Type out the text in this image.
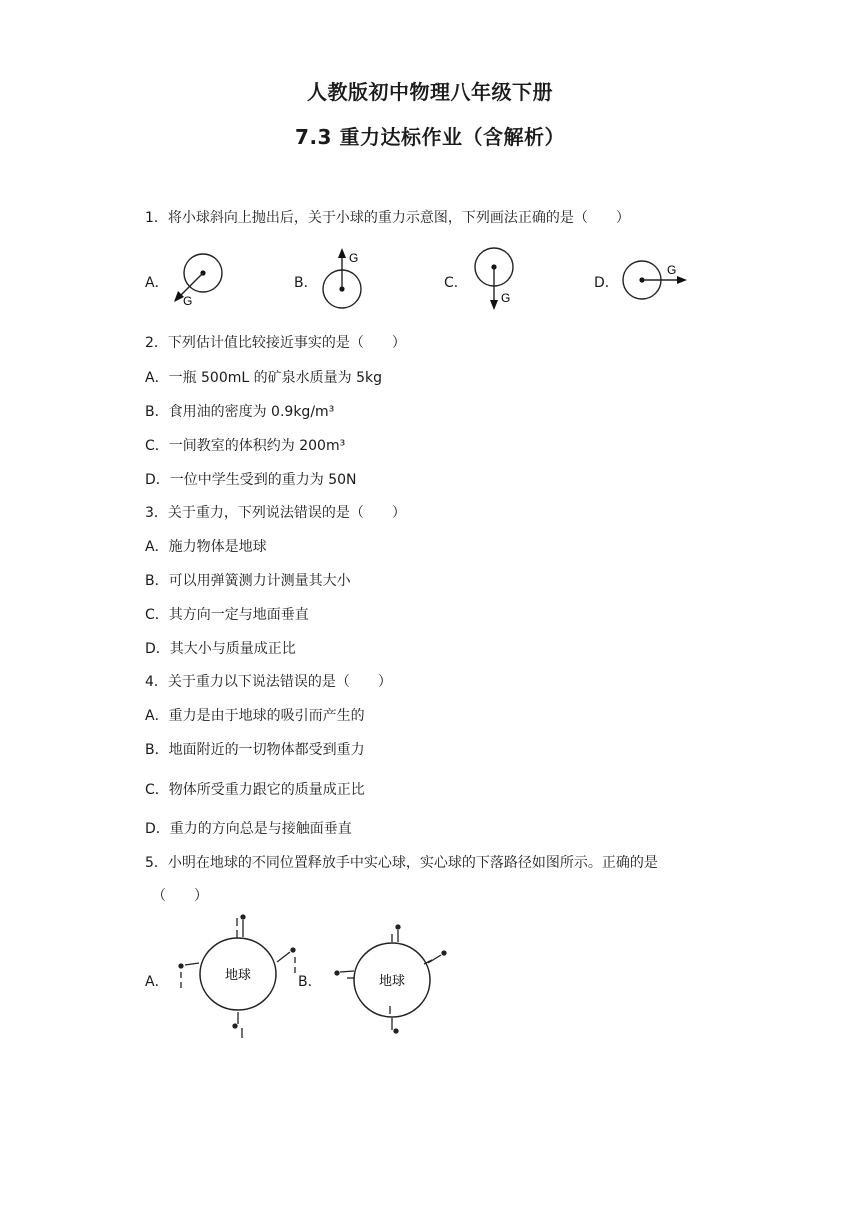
人教版初中物理八年级下册
7.3 重力达标作业（含解析）
1．将小球斜向上抛出后，关于小球的重力示意图，下列画法正确的是（　　）
A．
G
B．
G
C．
G
D．
G
2．下列估计值比较接近事实的是（　　）
A．一瓶 500mL 的矿泉水质量为 5kg
B．食用油的密度为 0.9kg/m³
C．一间教室的体积约为 200m³
D．一位中学生受到的重力为 50N
3．关于重力，下列说法错误的是（　　）
A．施力物体是地球
B．可以用弹簧测力计测量其大小
C．其方向一定与地面垂直
D．其大小与质量成正比
4．关于重力以下说法错误的是（　　）
A．重力是由于地球的吸引而产生的
B．地面附近的一切物体都受到重力
C．物体所受重力跟它的质量成正比
D．重力的方向总是与接触面垂直
5．小明在地球的不同位置释放手中实心球，实心球的下落路径如图所示。正确的是
（　　）
A．	地球	B．	地球
